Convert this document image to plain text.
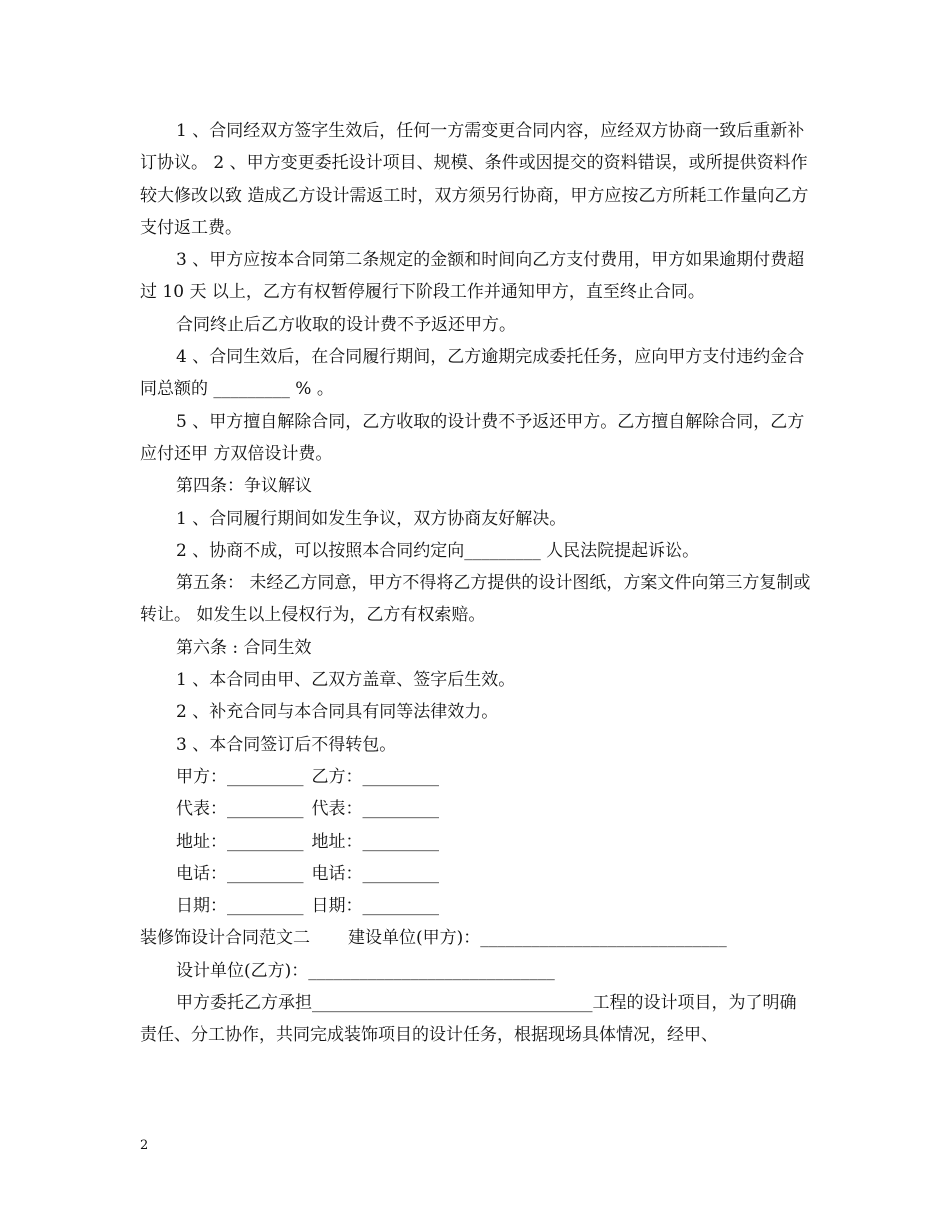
1 、合同经双方签字生效后，任何一方需变更合同内容，应经双方协商一致后重新补订协议。 2 、甲方变更委托设计项目、规模、条件或因提交的资料错误，或所提供资料作较大修改以致 造成乙方设计需返工时，双方须另行协商，甲方应按乙方所耗工作量向乙方支付返工费。

3 、甲方应按本合同第二条规定的金额和时间向乙方支付费用，甲方如果逾期付费超过 10 天 以上，乙方有权暂停履行下阶段工作并通知甲方，直至终止合同。

合同终止后乙方收取的设计费不予返还甲方。

4 、合同生效后，在合同履行期间，乙方逾期完成委托任务，应向甲方支付违约金合同总额的 _________ % 。

5 、甲方擅自解除合同，乙方收取的设计费不予返还甲方。乙方擅自解除合同，乙方应付还甲 方双倍设计费。

第四条：争议解议

1 、合同履行期间如发生争议，双方协商友好解决。

2 、协商不成，可以按照本合同约定向_________ 人民法院提起诉讼。

第五条： 未经乙方同意，甲方不得将乙方提供的设计图纸，方案文件向第三方复制或转让。 如发生以上侵权行为，乙方有权索赔。

第六条 : 合同生效

1 、本合同由甲、乙双方盖章、签字后生效。

2 、补充合同与本合同具有同等法律效力。

3 、本合同签订后不得转包。

甲方：_________ 乙方：_________

代表：_________ 代表：_________

地址：_________ 地址：_________

电话：_________ 电话：_________

日期：_________ 日期：_________

装修饰设计合同范文二 建设单位(甲方)：_____________________________

设计单位(乙方)：_____________________________

甲方委托乙方承担_________________________________工程的设计项目，为了明确责任、分工协作，共同完成装饰项目的设计任务，根据现场具体情况，经甲、

2
